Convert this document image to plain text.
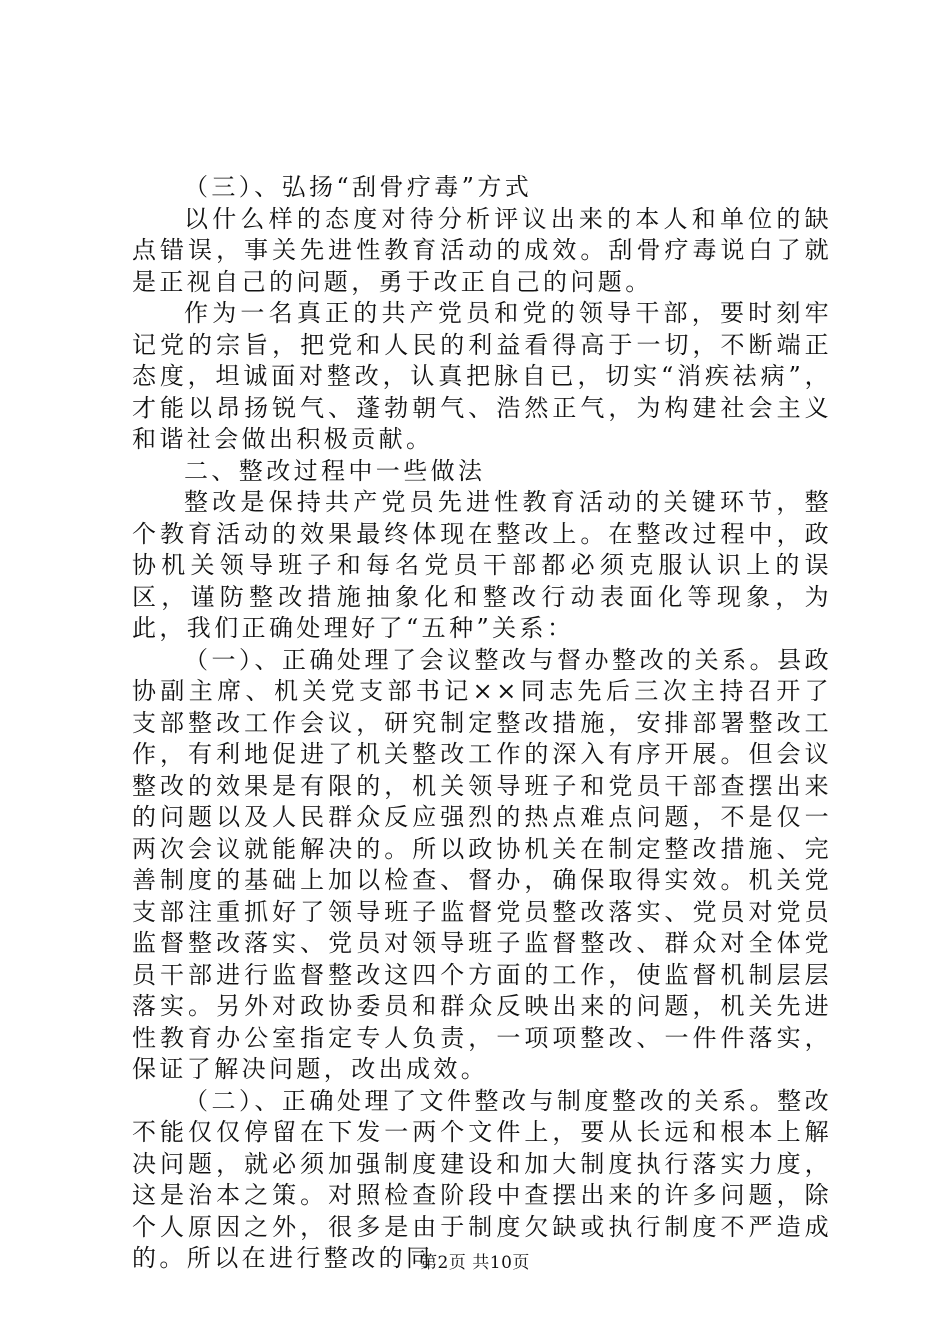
（三）、弘扬“刮骨疗毒”方式

以什么样的态度对待分析评议出来的本人和单位的缺点错误，事关先进性教育活动的成效。刮骨疗毒说白了就是正视自己的问题，勇于改正自己的问题。

作为一名真正的共产党员和党的领导干部，要时刻牢记党的宗旨，把党和人民的利益看得高于一切，不断端正态度，坦诚面对整改，认真把脉自已，切实“消疾祛病”，才能以昂扬锐气、蓬勃朝气、浩然正气，为构建社会主义和谐社会做出积极贡献。

二、整改过程中一些做法

整改是保持共产党员先进性教育活动的关键环节，整个教育活动的效果最终体现在整改上。在整改过程中，政协机关领导班子和每名党员干部都必须克服认识上的误区，谨防整改措施抽象化和整改行动表面化等现象，为此，我们正确处理好了“五种”关系：

（一）、正确处理了会议整改与督办整改的关系。县政协副主席、机关党支部书记××同志先后三次主持召开了支部整改工作会议，研究制定整改措施，安排部署整改工作，有利地促进了机关整改工作的深入有序开展。但会议整改的效果是有限的，机关领导班子和党员干部查摆出来的问题以及人民群众反应强烈的热点难点问题，不是仅一两次会议就能解决的。所以政协机关在制定整改措施、完善制度的基础上加以检查、督办，确保取得实效。机关党支部注重抓好了领导班子监督党员整改落实、党员对党员监督整改落实、党员对领导班子监督整改、群众对全体党员干部进行监督整改这四个方面的工作，使监督机制层层落实。另外对政协委员和群众反映出来的问题，机关先进性教育办公室指定专人负责，一项项整改、一件件落实，保证了解决问题，改出成效。

（二）、正确处理了文件整改与制度整改的关系。整改不能仅仅停留在下发一两个文件上，要从长远和根本上解决问题，就必须加强制度建设和加大制度执行落实力度，这是治本之策。对照检查阶段中查摆出来的许多问题，除个人原因之外，很多是由于制度欠缺或执行制度不严造成的。所以在进行整改的同

第2页 共10页
